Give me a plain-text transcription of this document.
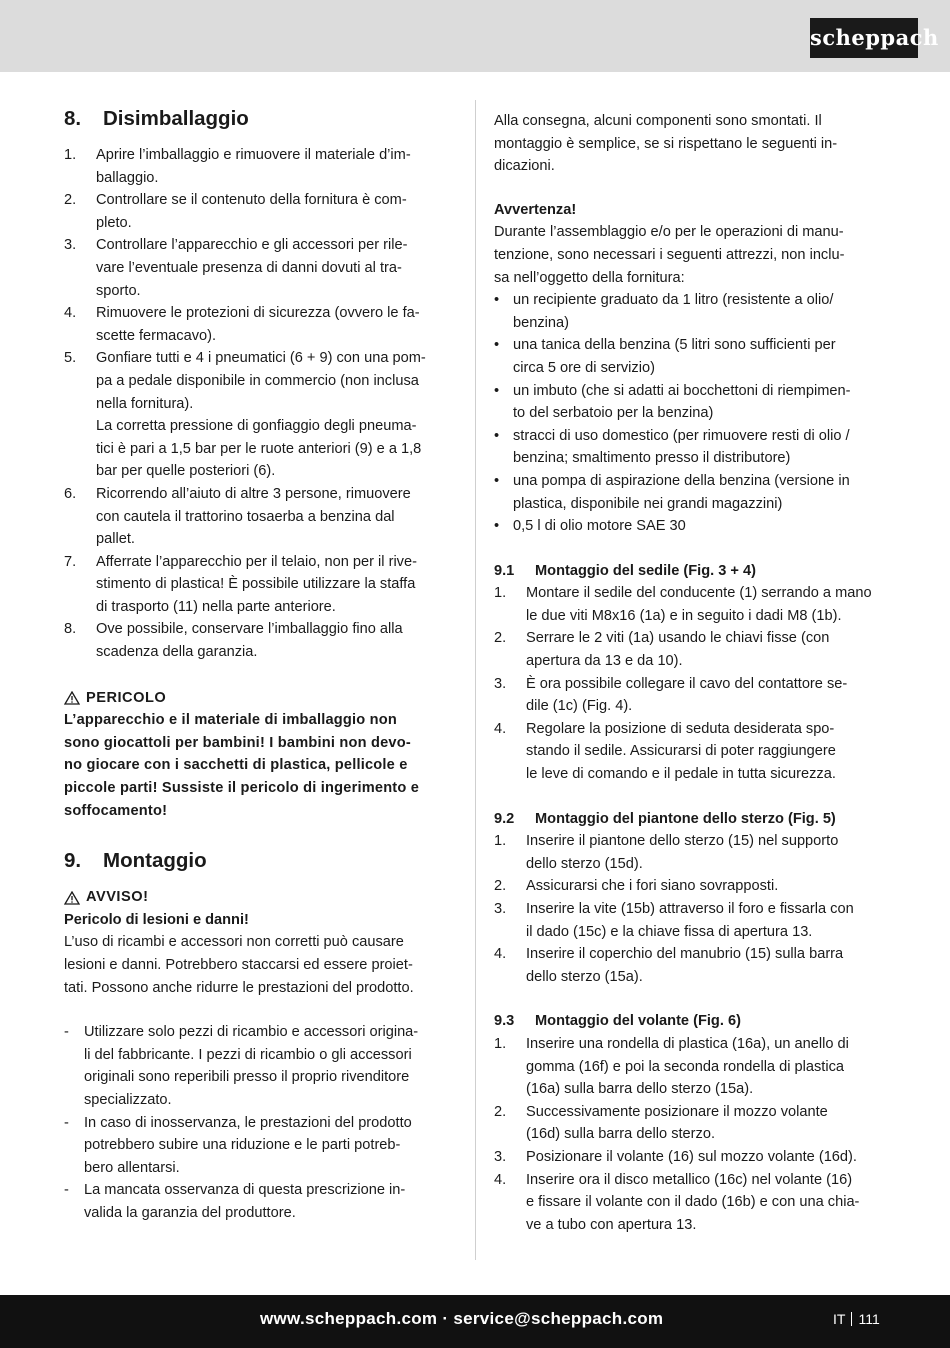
scheppach
8.	Disimballaggio
1.	Aprire l’imballaggio e rimuovere il materiale d’im-
ballaggio.
2.	Controllare se il contenuto della fornitura è com-
pleto.
3.	Controllare l’apparecchio e gli accessori per rile-
vare l’eventuale presenza di danni dovuti al tra-
sporto.
4.	Rimuovere le protezioni di sicurezza (ovvero le fa-
scette fermacavo).
5.	Gonfiare tutti e 4 i pneumatici (6 + 9) con una pom-
pa a pedale disponibile in commercio (non inclusa
nella fornitura).
La corretta pressione di gonfiaggio degli pneuma-
tici è pari a 1,5 bar per le ruote anteriori (9) e a 1,8
bar per quelle posteriori (6).
6.	Ricorrendo all’aiuto di altre 3 persone, rimuovere
con cautela il trattorino tosaerba a benzina dal
pallet.
7.	Afferrate l’apparecchio per il telaio, non per il rive-
stimento di plastica! È possibile utilizzare la staffa
di trasporto (11) nella parte anteriore.
8.	Ove possibile, conservare l’imballaggio fino alla
scadenza della garanzia.
PERICOLO
L’apparecchio e il materiale di imballaggio non
sono giocattoli per bambini! I bambini non devo-
no giocare con i sacchetti di plastica, pellicole e
piccole parti! Sussiste il pericolo di ingerimento e
soffocamento!
9.	Montaggio
AVVISO!
Pericolo di lesioni e danni!
L’uso di ricambi e accessori non corretti può causare
lesioni e danni. Potrebbero staccarsi ed essere proiet-
tati. Possono anche ridurre le prestazioni del prodotto.
-	Utilizzare solo pezzi di ricambio e accessori origina-
li del fabbricante. I pezzi di ricambio o gli accessori
originali sono reperibili presso il proprio rivenditore
specializzato.
-	In caso di inosservanza, le prestazioni del prodotto
potrebbero subire una riduzione e le parti potreb-
bero allentarsi.
-	La mancata osservanza di questa prescrizione in-
valida la garanzia del produttore.
Alla consegna, alcuni componenti sono smontati. Il
montaggio è semplice, se si rispettano le seguenti in-
dicazioni.
Avvertenza!
Durante l’assemblaggio e/o per le operazioni di manu-
tenzione, sono necessari i seguenti attrezzi, non inclu-
sa nell’oggetto della fornitura:
• un recipiente graduato da 1 litro (resistente a olio/
benzina)
• una tanica della benzina (5 litri sono sufficienti per
circa 5 ore di servizio)
• un imbuto (che si adatti ai bocchettoni di riempimen-
to del serbatoio per la benzina)
• stracci di uso domestico (per rimuovere resti di olio /
benzina; smaltimento presso il distributore)
• una pompa di aspirazione della benzina (versione in
plastica, disponibile nei grandi magazzini)
• 0,5 l di olio motore SAE 30
9.1	Montaggio del sedile (Fig. 3 + 4)
1.	Montare il sedile del conducente (1) serrando a mano
le due viti M8x16 (1a) e in seguito i dadi M8 (1b).
2.	Serrare le 2 viti (1a) usando le chiavi fisse (con
apertura da 13 e da 10).
3.	È ora possibile collegare il cavo del contattore se-
dile (1c) (Fig. 4).
4.	Regolare la posizione di seduta desiderata spo-
stando il sedile. Assicurarsi di poter raggiungere
le leve di comando e il pedale in tutta sicurezza.
9.2	Montaggio del piantone dello sterzo (Fig. 5)
1.	Inserire il piantone dello sterzo (15) nel supporto
dello sterzo (15d).
2.	Assicurarsi che i fori siano sovrapposti.
3.	Inserire la vite (15b) attraverso il foro e fissarla con
il dado (15c) e la chiave fissa di apertura 13.
4.	Inserire il coperchio del manubrio (15) sulla barra
dello sterzo (15a).
9.3	Montaggio del volante (Fig. 6)
1.	Inserire una rondella di plastica (16a), un anello di
gomma (16f) e poi la seconda rondella di plastica
(16a) sulla barra dello sterzo (15a).
2.	Successivamente posizionare il mozzo volante
(16d) sulla barra dello sterzo.
3.	Posizionare il volante (16) sul mozzo volante (16d).
4.	Inserire ora il disco metallico (16c) nel volante (16)
e fissare il volante con il dado (16b) e con una chia-
ve a tubo con apertura 13.
www.scheppach.com · service@scheppach.com	IT 111
